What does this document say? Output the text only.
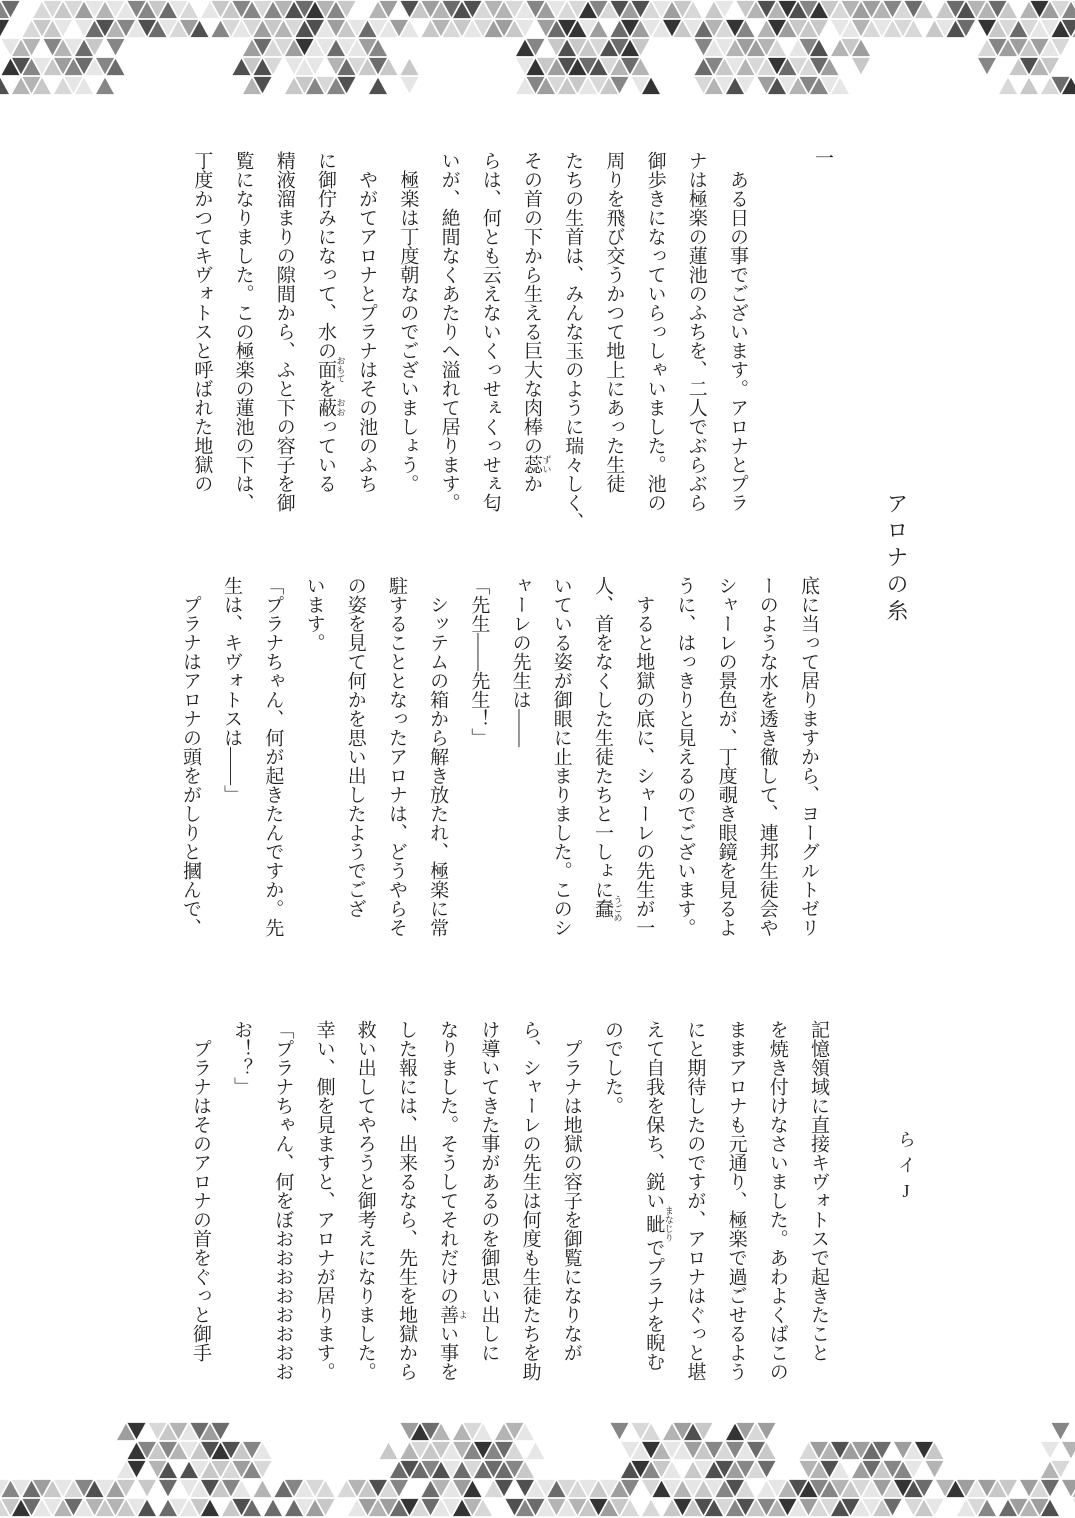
一

　ある日の事でございます。アロナとプラ

ナは極楽の蓮池のふちを、二人でぶらぶら

御歩きになっていらっしゃいました。池の

周りを飛び交うかつて地上にあった生徒

たちの生首は、みんな玉のように瑞々しく、

その首の下から生える巨大な肉棒の蕊 ずいか

らは、何とも云えないくっせぇくっせぇ匂

いが、絶間なくあたりへ溢れて居ります。

　極楽は丁度朝なのでございましょう。

　やがてアロナとプラナはその池のふち

に御佇みになって、水の面 おもてを蔽 おおっている

精液溜まりの隙間から、ふと下の容子を御

覧になりました。この極楽の蓮池の下は、

丁度かつてキヴォトスと呼ばれた地獄の

アロナの糸

底に当って居りますから、ヨーグルトゼリ

ーのような水を透き徹して、連邦生徒会や

シャーレの景色が、丁度覗き眼鏡を見るよ

うに、はっきりと見えるのでございます。

　すると地獄の底に、シャーレの先生が一

人、首をなくした生徒たちと一しょに蠢 うごめ

いている姿が御眼に止まりました。このシ

ャーレの先生は――

「先生――先生！」

　シッテムの箱から解き放たれ、極楽に常

駐することとなったアロナは、どうやらそ

の姿を見て何かを思い出したようでござ

います。

「プラナちゃん、何が起きたんですか。先

生は、キヴォトスは――」

　プラナはアロナの頭をがしりと摑んで、

らイJ

記憶領域に直接キヴォトスで起きたこと

を焼き付けなさいました。あわよくばこの

ままアロナも元通り、極楽で過ごせるよう

にと期待したのですが、アロナはぐっと堪

えて自我を保ち、鋭い眦 まなじりでプラナを睨む

のでした。

　プラナは地獄の容子を御覧になりなが

ら、シャーレの先生は何度も生徒たちを助

け導いてきた事があるのを御思い出しに

なりました。そうしてそれだけの善 よい事を

した報には、出来るなら、先生を地獄から

救い出してやろうと御考えになりました。

幸い、側を見ますと、アロナが居ります。

「プラナちゃん、何をぼおおおおおおおお

お！？」

　プラナはそのアロナの首をぐっと御手
